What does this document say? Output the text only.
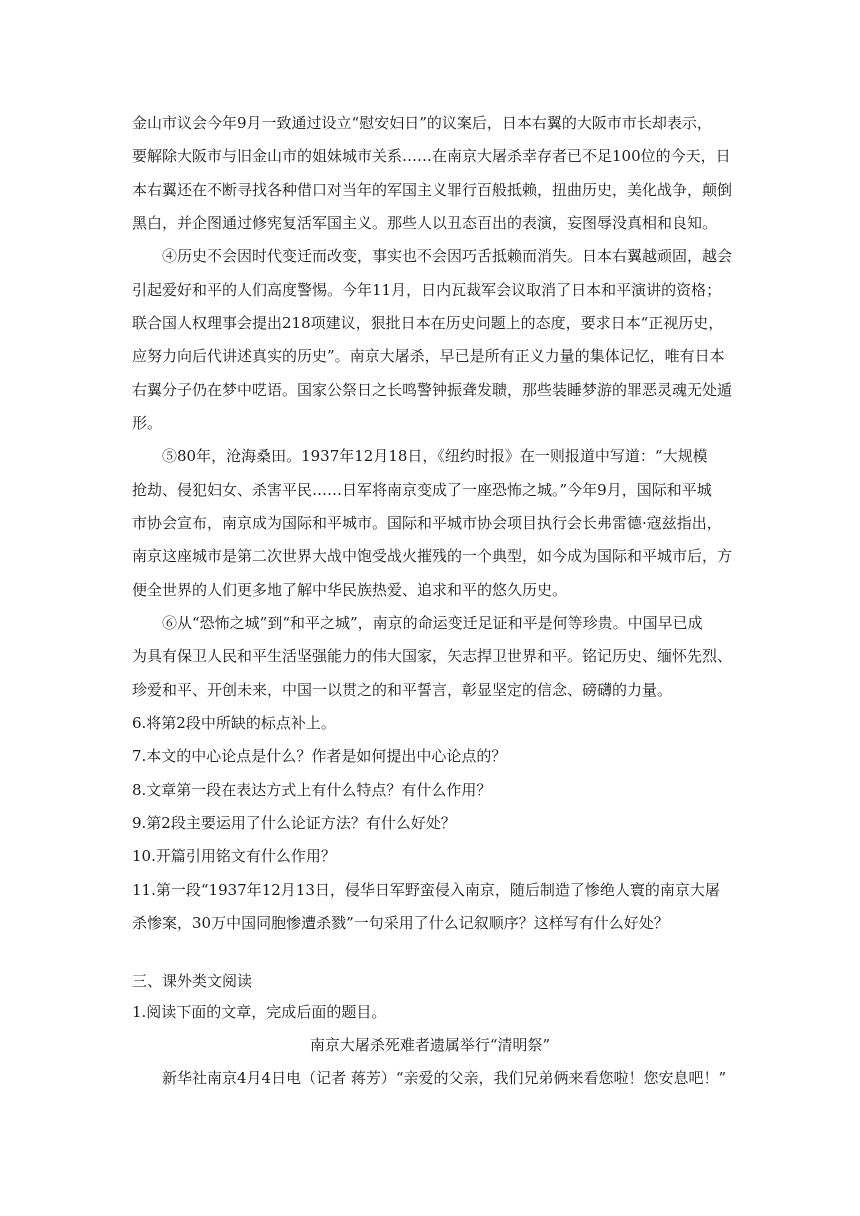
金山市议会今年9月一致通过设立“慰安妇日”的议案后，日本右翼的大阪市市长却表示，
要解除大阪市与旧金山市的姐妹城市关系……在南京大屠杀幸存者已不足100位的今天，日
本右翼还在不断寻找各种借口对当年的军国主义罪行百般抵赖，扭曲历史，美化战争，颠倒
黑白，并企图通过修宪复活军国主义。那些人以丑态百出的表演，妄图辱没真相和良知。
④历史不会因时代变迁而改变，事实也不会因巧舌抵赖而消失。日本右翼越顽固，越会
引起爱好和平的人们高度警惕。今年11月，日内瓦裁军会议取消了日本和平演讲的资格；
联合国人权理事会提出218项建议，狠批日本在历史问题上的态度，要求日本“正视历史，
应努力向后代讲述真实的历史”。南京大屠杀，早已是所有正义力量的集体记忆，唯有日本
右翼分子仍在梦中呓语。国家公祭日之长鸣警钟振聋发聩，那些装睡梦游的罪恶灵魂无处遁
形。
⑤80年，沧海桑田。1937年12月18日，《纽约时报》在一则报道中写道：“大规模
抢劫、侵犯妇女、杀害平民……日军将南京变成了一座恐怖之城。”今年9月，国际和平城
市协会宣布，南京成为国际和平城市。国际和平城市协会项目执行会长弗雷德·寇兹指出，
南京这座城市是第二次世界大战中饱受战火摧残的一个典型，如今成为国际和平城市后，方
便全世界的人们更多地了解中华民族热爱、追求和平的悠久历史。
⑥从“恐怖之城”到“和平之城”，南京的命运变迁足证和平是何等珍贵。中国早已成
为具有保卫人民和平生活坚强能力的伟大国家，矢志捍卫世界和平。铭记历史、缅怀先烈、
珍爱和平、开创未来，中国一以贯之的和平誓言，彰显坚定的信念、磅礴的力量。
6.将第2段中所缺的标点补上。
7.本文的中心论点是什么？作者是如何提出中心论点的？
8.文章第一段在表达方式上有什么特点？有什么作用？
9.第2段主要运用了什么论证方法？有什么好处？
10.开篇引用铭文有什么作用？
11.第一段“1937年12月13日，侵华日军野蛮侵入南京，随后制造了惨绝人寰的南京大屠
杀惨案，30万中国同胞惨遭杀戮”一句采用了什么记叙顺序？这样写有什么好处？
三、课外类文阅读
1.阅读下面的文章，完成后面的题目。
南京大屠杀死难者遗属举行“清明祭”
新华社南京4月4日电（记者 蒋芳）“亲爱的父亲，我们兄弟俩来看您啦！您安息吧！”
